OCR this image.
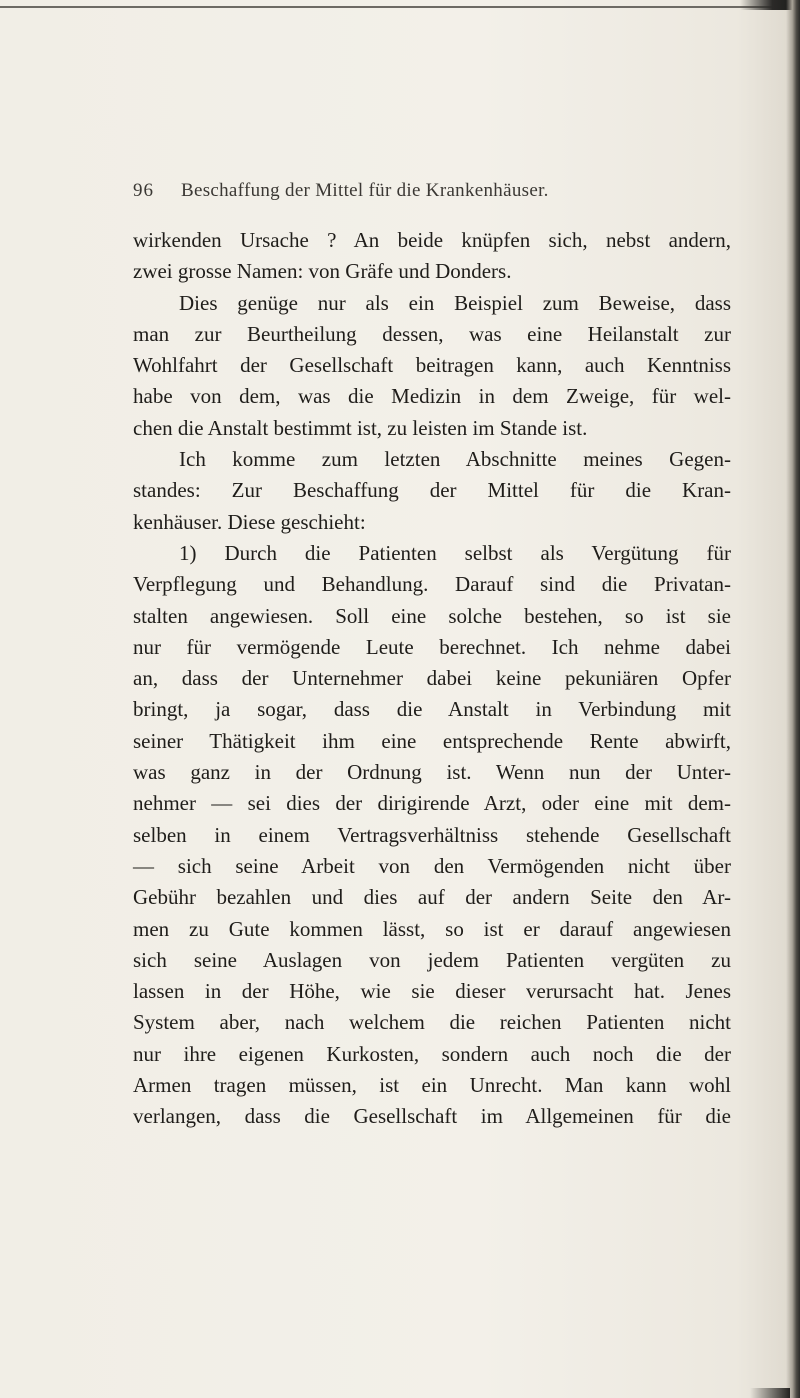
96 Beschaffung der Mittel für die Krankenhäuser.
wirkenden Ursache ? An beide knüpfen sich, nebst andern,
zwei grosse Namen: von Gräfe und Donders.
Dies genüge nur als ein Beispiel zum Beweise, dass
man zur Beurtheilung dessen, was eine Heilanstalt zur
Wohlfahrt der Gesellschaft beitragen kann, auch Kenntniss
habe von dem, was die Medizin in dem Zweige, für wel-
chen die Anstalt bestimmt ist, zu leisten im Stande ist.
Ich komme zum letzten Abschnitte meines Gegen-
standes: Zur Beschaffung der Mittel für die Kran-
kenhäuser. Diese geschieht:
1) Durch die Patienten selbst als Vergütung für
Verpflegung und Behandlung. Darauf sind die Privatan-
stalten angewiesen. Soll eine solche bestehen, so ist sie
nur für vermögende Leute berechnet. Ich nehme dabei
an, dass der Unternehmer dabei keine pekuniären Opfer
bringt, ja sogar, dass die Anstalt in Verbindung mit
seiner Thätigkeit ihm eine entsprechende Rente abwirft,
was ganz in der Ordnung ist. Wenn nun der Unter-
nehmer — sei dies der dirigirende Arzt, oder eine mit dem-
selben in einem Vertragsverhältniss stehende Gesellschaft
— sich seine Arbeit von den Vermögenden nicht über
Gebühr bezahlen und dies auf der andern Seite den Ar-
men zu Gute kommen lässt, so ist er darauf angewiesen
sich seine Auslagen von jedem Patienten vergüten zu
lassen in der Höhe, wie sie dieser verursacht hat. Jenes
System aber, nach welchem die reichen Patienten nicht
nur ihre eigenen Kurkosten, sondern auch noch die der
Armen tragen müssen, ist ein Unrecht. Man kann wohl
verlangen, dass die Gesellschaft im Allgemeinen für die
